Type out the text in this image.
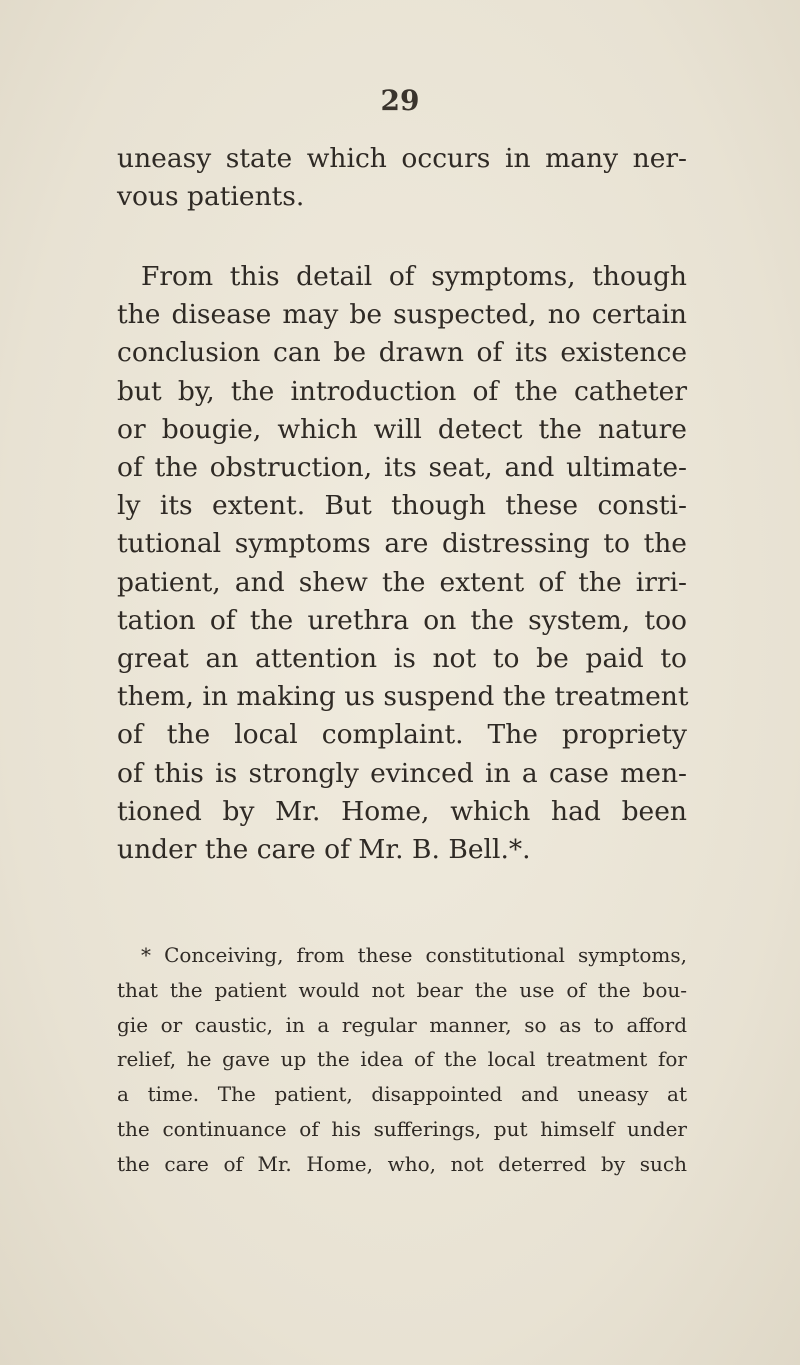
29
uneasy state which occurs in many ner-
vous patients.
From this detail of symptoms, though
the disease may be suspected, no certain
conclusion can be drawn of its existence
but by, the introduction of the catheter
or bougie, which will detect the nature
of the obstruction, its seat, and ultimate-
ly its extent. But though these consti-
tutional symptoms are distressing to the
patient, and shew the extent of the irri-
tation of the urethra on the system, too
great an attention is not to be paid to
them, in making us suspend the treatment
of the local complaint. The propriety
of this is strongly evinced in a case men-
tioned by Mr. Home, which had been
under the care of Mr. B. Bell.*.
* Conceiving, from these constitutional symptoms,
that the patient would not bear the use of the bou-
gie or caustic, in a regular manner, so as to afford
relief, he gave up the idea of the local treatment for
a time. The patient, disappointed and uneasy at
the continuance of his sufferings, put himself under
the care of Mr. Home, who, not deterred by such
